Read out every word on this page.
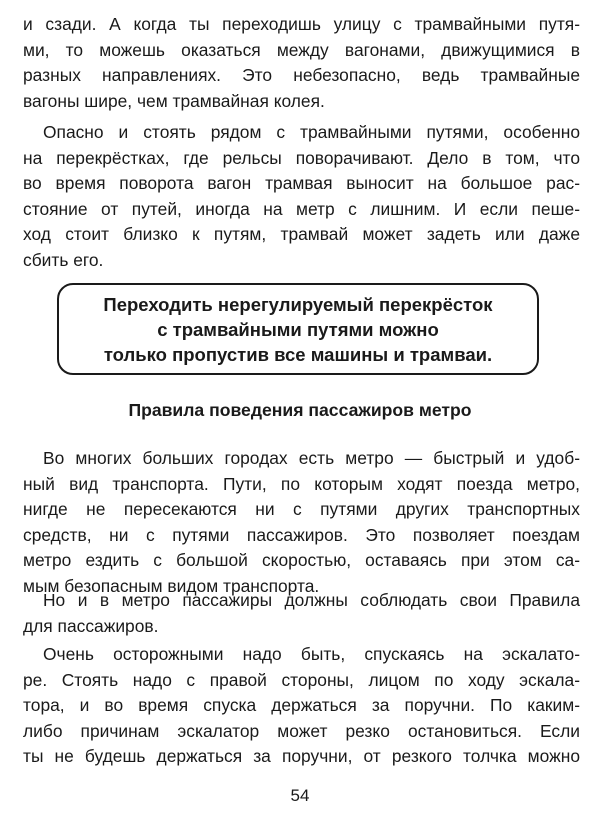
и сзади. А когда ты переходишь улицу с трамвайными путя-
ми, то можешь оказаться между вагонами, движущимися в
разных направлениях. Это небезопасно, ведь трамвайные
вагоны шире, чем трамвайная колея.

Опасно и стоять рядом с трамвайными путями, особенно
на перекрёстках, где рельсы поворачивают. Дело в том, что
во время поворота вагон трамвая выносит на большое рас-
стояние от путей, иногда на метр с лишним. И если пеше-
ход стоит близко к путям, трамвай может задеть или даже
сбить его.

Переходить нерегулируемый перекрёсток
с трамвайными путями можно
только пропустив все машины и трамваи.
Правила поведения пассажиров метро

Во многих больших городах есть метро — быстрый и удоб-
ный вид транспорта. Пути, по которым ходят поезда метро,
нигде не пересекаются ни с путями других транспортных
средств, ни с путями пассажиров. Это позволяет поездам
метро ездить с большой скоростью, оставаясь при этом са-
мым безопасным видом транспорта.

Но и в метро пассажиры должны соблюдать свои Правила
для пассажиров.

Очень осторожными надо быть, спускаясь на эскалато-
ре. Стоять надо с правой стороны, лицом по ходу эскала-
тора, и во время спуска держаться за поручни. По каким-
либо причинам эскалатор может резко остановиться. Если
ты не будешь держаться за поручни, от резкого толчка можно

54
